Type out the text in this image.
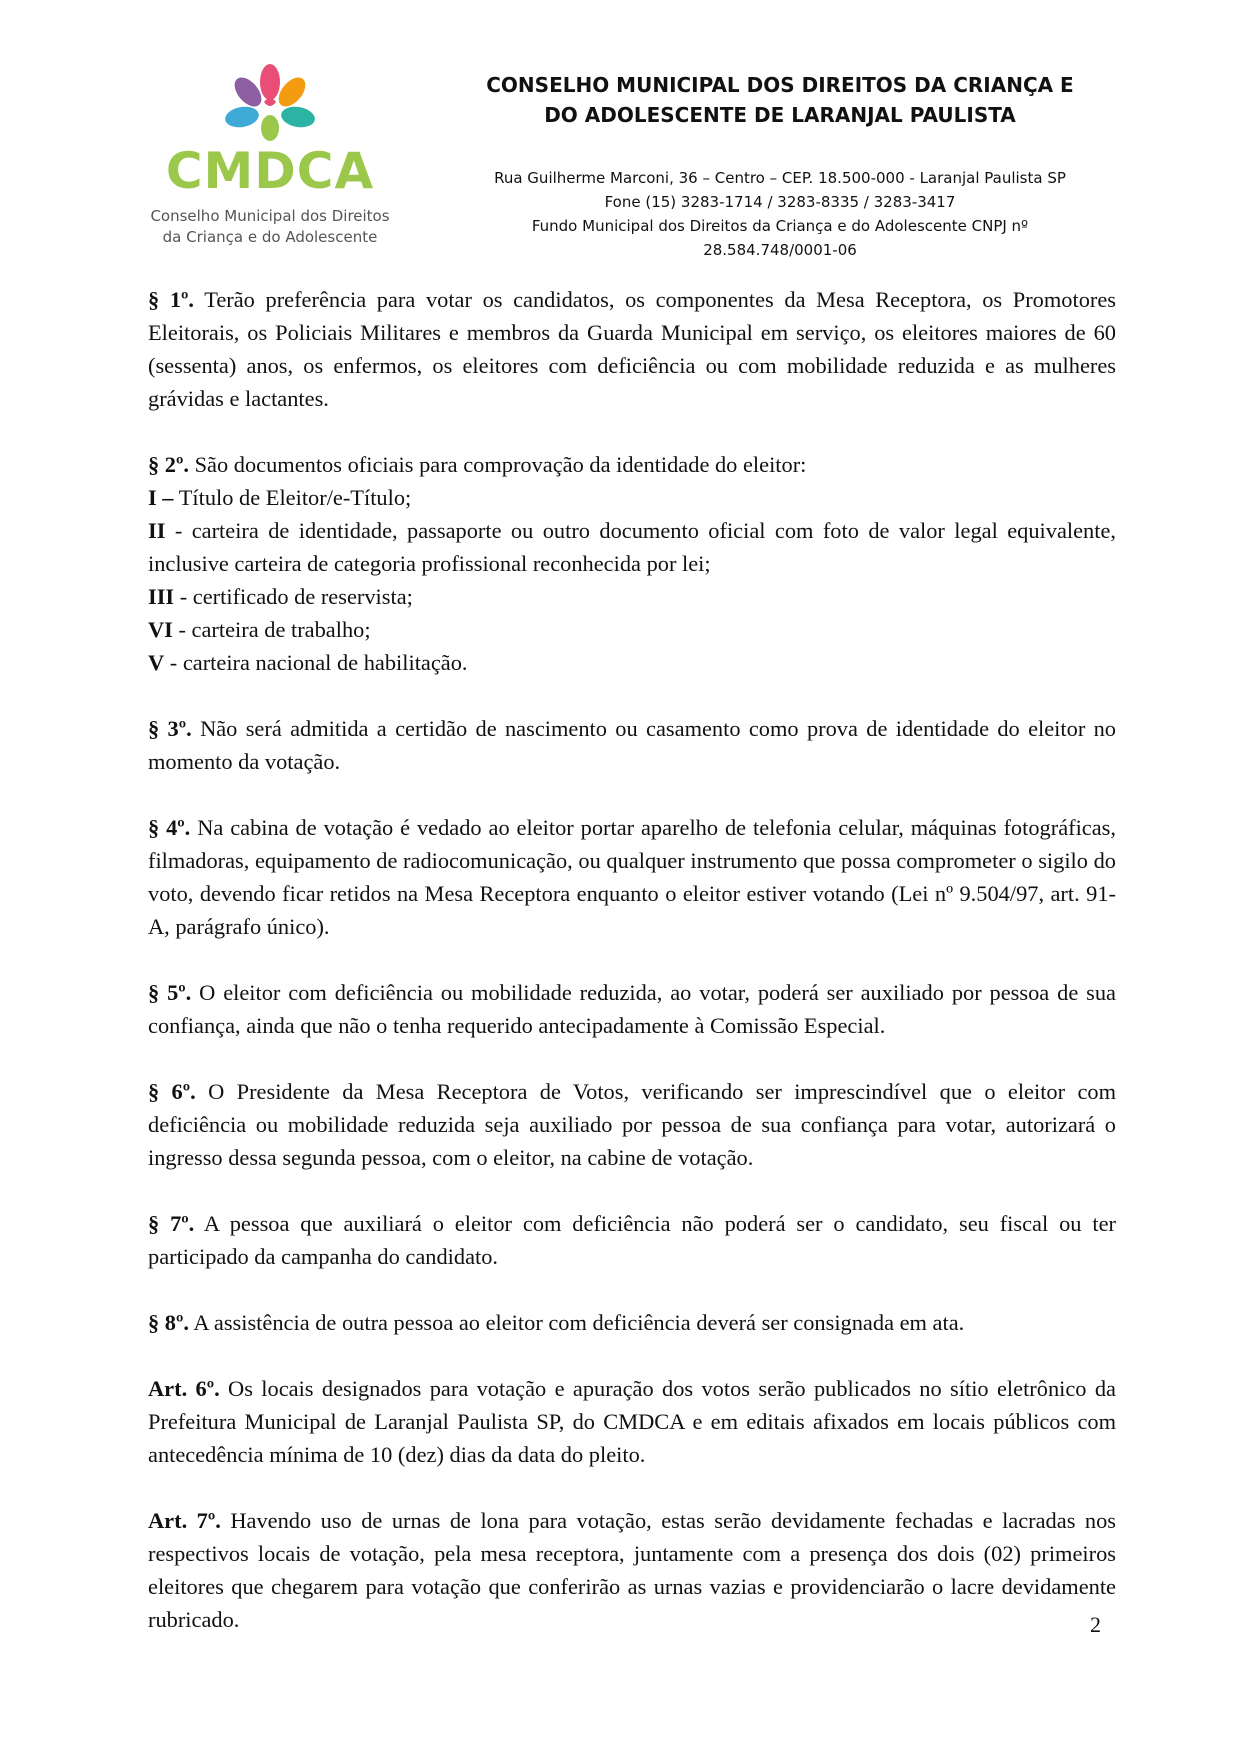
CMDCA
Conselho Municipal dos Direitos
da Criança e do Adolescente
CONSELHO MUNICIPAL DOS DIREITOS DA CRIANÇA E
DO ADOLESCENTE DE LARANJAL PAULISTA
Rua Guilherme Marconi, 36 – Centro – CEP. 18.500-000 - Laranjal Paulista SP
Fone (15) 3283-1714 / 3283-8335 / 3283-3417
Fundo Municipal dos Direitos da Criança e do Adolescente CNPJ nº
28.584.748/0001-06

§ 1º. Terão preferência para votar os candidatos, os componentes da Mesa Receptora, os Promotores Eleitorais, os Policiais Militares e membros da Guarda Municipal em serviço, os eleitores maiores de 60 (sessenta) anos, os enfermos, os eleitores com deficiência ou com mobilidade reduzida e as mulheres grávidas e lactantes.

§ 2º. São documentos oficiais para comprovação da identidade do eleitor:

I – Título de Eleitor/e-Título;

II - carteira de identidade, passaporte ou outro documento oficial com foto de valor legal equivalente, inclusive carteira de categoria profissional reconhecida por lei;

III - certificado de reservista;

VI - carteira de trabalho;

V - carteira nacional de habilitação.

§ 3º. Não será admitida a certidão de nascimento ou casamento como prova de identidade do eleitor no momento da votação.

§ 4º. Na cabina de votação é vedado ao eleitor portar aparelho de telefonia celular, máquinas fotográficas, filmadoras, equipamento de radiocomunicação, ou qualquer instrumento que possa comprometer o sigilo do voto, devendo ficar retidos na Mesa Receptora enquanto o eleitor estiver votando (Lei nº 9.504/97, art. 91-A, parágrafo único).

§ 5º. O eleitor com deficiência ou mobilidade reduzida, ao votar, poderá ser auxiliado por pessoa de sua confiança, ainda que não o tenha requerido antecipadamente à Comissão Especial.

§ 6º. O Presidente da Mesa Receptora de Votos, verificando ser imprescindível que o eleitor com deficiência ou mobilidade reduzida seja auxiliado por pessoa de sua confiança para votar, autorizará o ingresso dessa segunda pessoa, com o eleitor, na cabine de votação.

§ 7º. A pessoa que auxiliará o eleitor com deficiência não poderá ser o candidato, seu fiscal ou ter participado da campanha do candidato.

§ 8º. A assistência de outra pessoa ao eleitor com deficiência deverá ser consignada em ata.

Art. 6º. Os locais designados para votação e apuração dos votos serão publicados no sítio eletrônico da Prefeitura Municipal de Laranjal Paulista SP, do CMDCA e em editais afixados em locais públicos com antecedência mínima de 10 (dez) dias da data do pleito.

Art. 7º. Havendo uso de urnas de lona para votação, estas serão devidamente fechadas e lacradas nos respectivos locais de votação, pela mesa receptora, juntamente com a presença dos dois (02) primeiros eleitores que chegarem para votação que conferirão as urnas vazias e providenciarão o lacre devidamente rubricado.	2
